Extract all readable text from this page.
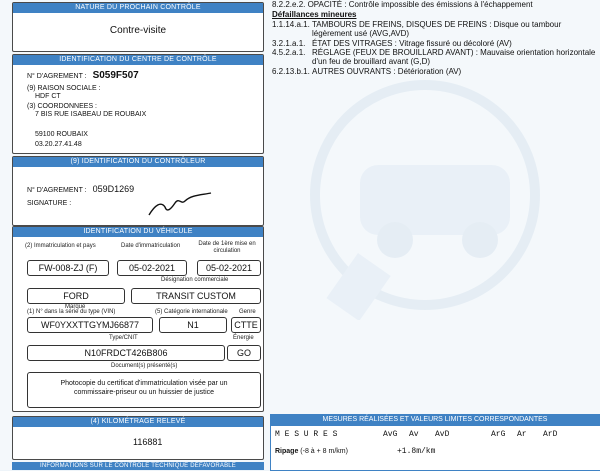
NATURE DU PROCHAIN CONTRÔLE
Contre-visite
IDENTIFICATION DU CENTRE DE CONTRÔLE
N° D'AGREMENT : S059F507
(9) RAISON SOCIALE :
HDF CT
(3) COORDONNEES :
7 BIS RUE ISABEAU DE ROUBAIX
59100 ROUBAIX
03.20.27.41.48
(9) IDENTIFICATION DU CONTRÔLEUR
N° D'AGREMENT : 059D1269
SIGNATURE :
IDENTIFICATION DU VÉHICULE
(2) Immatriculation et pays	Date d'immatriculation	Date de 1ère mise en circulation
FW-008-ZJ (F)	05-02-2021	05-02-2021
FORD	TRANSIT CUSTOM
Marque
Désignation commerciale
(1) N° dans la série du type (VIN)	(5) Catégorie internationale Genre
WF0YXXTTGYMJ66877	N1	CTTE
Type/CNIT	Énergie
N10FRDCT426B806	GO
Document(s) présenté(s)
Photocopie du certificat d'immatriculation visée par un
commissaire-priseur ou un huissier de justice
(4) KILOMÉTRAGE RELEVÉ
116881
INFORMATIONS SUR LE CONTRÔLE TECHNIQUE DÉFAVORABLE
8.2.2.e.2. OPACITÉ : Contrôle impossible des émissions à l'échappement
Défaillances mineures
1.1.14.a.1. TAMBOURS DE FREINS, DISQUES DE FREINS : Disque ou tambour
légèrement usé (AVG,AVD)
3.2.1.a.1. ÉTAT DES VITRAGES : Vitrage fissuré ou décoloré (AV)
4.5.2.a.1. RÉGLAGE (FEUX DE BROUILLARD AVANT) : Mauvaise orientation horizontale
d'un feu de brouillard avant (G,D)
6.2.13.b.1. AUTRES OUVRANTS : Détérioration (AV)
MESURES RÉALISÉES ET VALEURS LIMITES CORRESPONDANTES
M E S U R E S	AvG Av AvD	ArG Ar ArD
Ripage (-8 à + 8 m/km)	+1.8m/km
